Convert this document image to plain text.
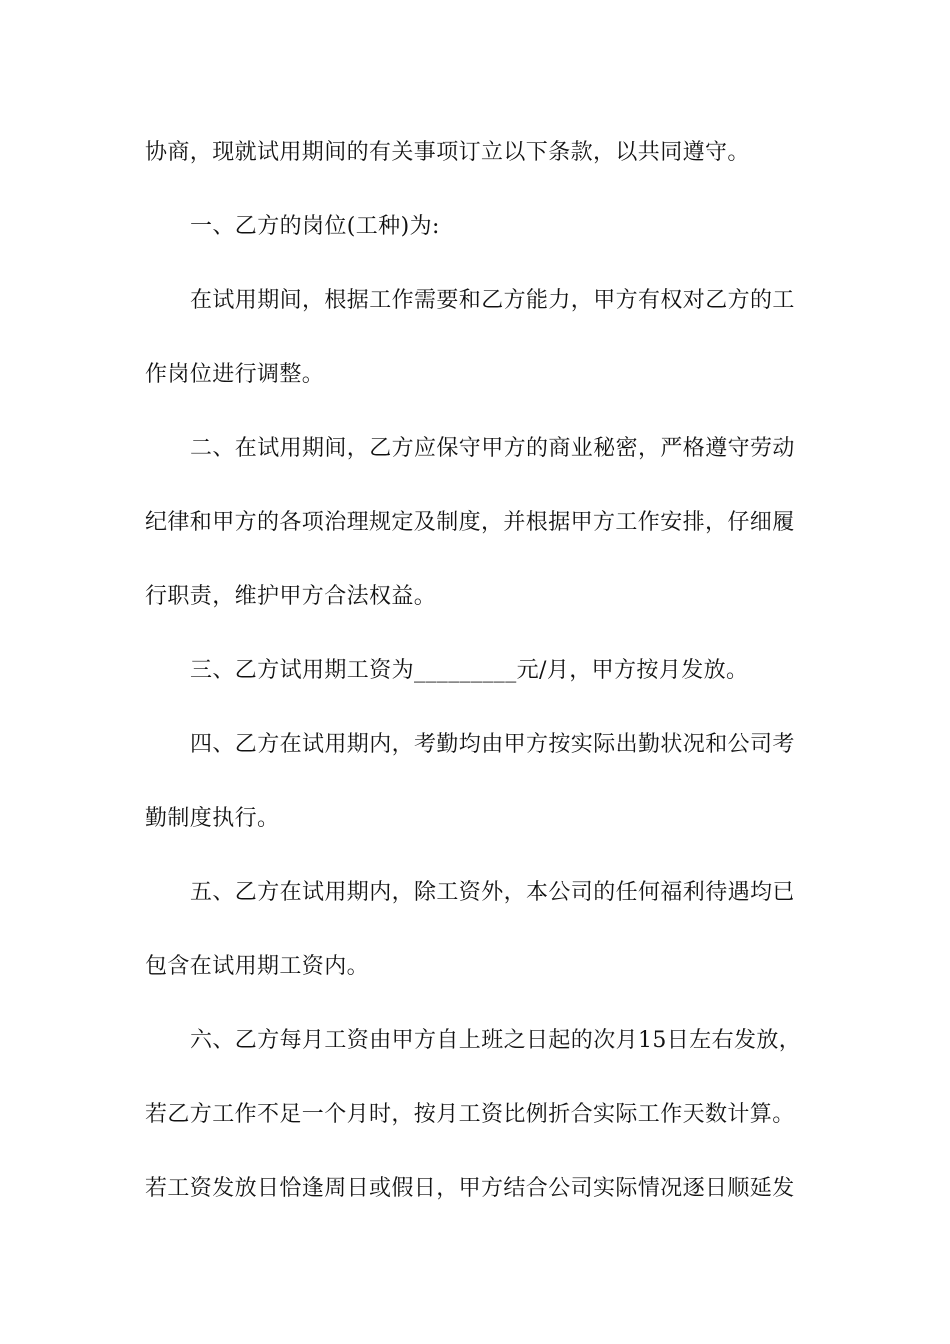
协商，现就试用期间的有关事项订立以下条款，以共同遵守。
一、乙方的岗位(工种)为:
在试用期间，根据工作需要和乙方能力，甲方有权对乙方的工
作岗位进行调整。
二、在试用期间，乙方应保守甲方的商业秘密，严格遵守劳动
纪律和甲方的各项治理规定及制度，并根据甲方工作安排，仔细履
行职责，维护甲方合法权益。
三、乙方试用期工资为_________元/月，甲方按月发放。
四、乙方在试用期内，考勤均由甲方按实际出勤状况和公司考
勤制度执行。
五、乙方在试用期内，除工资外，本公司的任何福利待遇均已
包含在试用期工资内。
六、乙方每月工资由甲方自上班之日起的次月15日左右发放，
若乙方工作不足一个月时，按月工资比例折合实际工作天数计算。
若工资发放日恰逢周日或假日，甲方结合公司实际情况逐日顺延发
